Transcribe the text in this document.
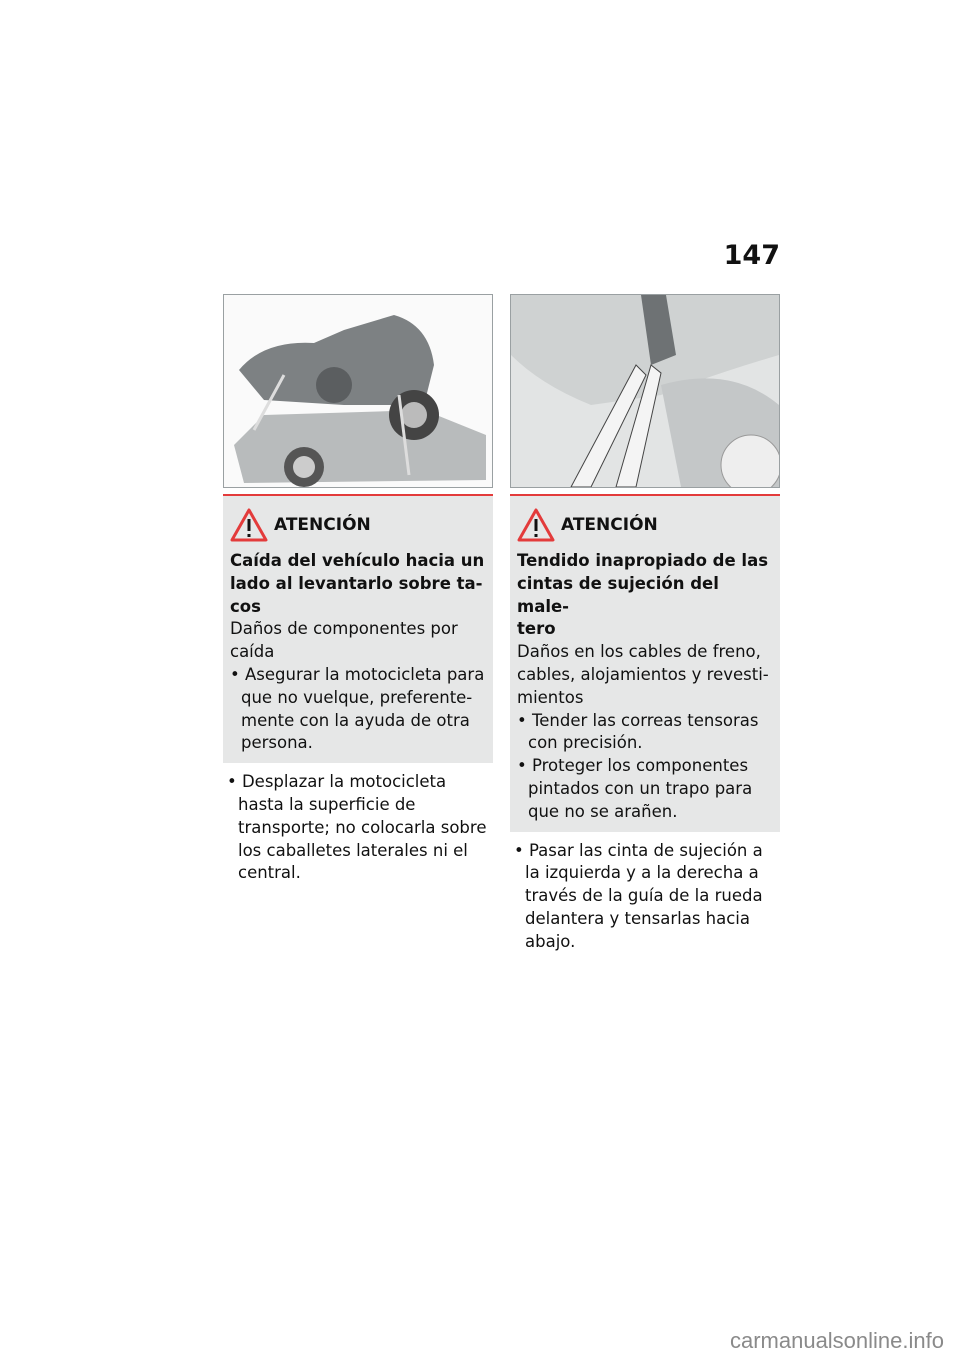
147
ATENCIÓN
Caída del vehículo hacia un
lado al levantarlo sobre ta-
cos
Daños de componentes por
caída
• Asegurar la motocicleta para que no vuelque, preferente-mente con la ayuda de otra persona.
• Desplazar la motocicleta hasta la superficie de transporte; no colocarla sobre los caballetes laterales ni el central.
ATENCIÓN
Tendido inapropiado de las
cintas de sujeción del male-
tero
Daños en los cables de freno,
cables, alojamientos y revesti-
mientos
• Tender las correas tensoras con precisión.
• Proteger los componentes pintados con un trapo para que no se arañen.
• Pasar las cinta de sujeción a la izquierda y a la derecha a través de la guía de la rueda delantera y tensarlas hacia abajo.
carmanualsonline.info
